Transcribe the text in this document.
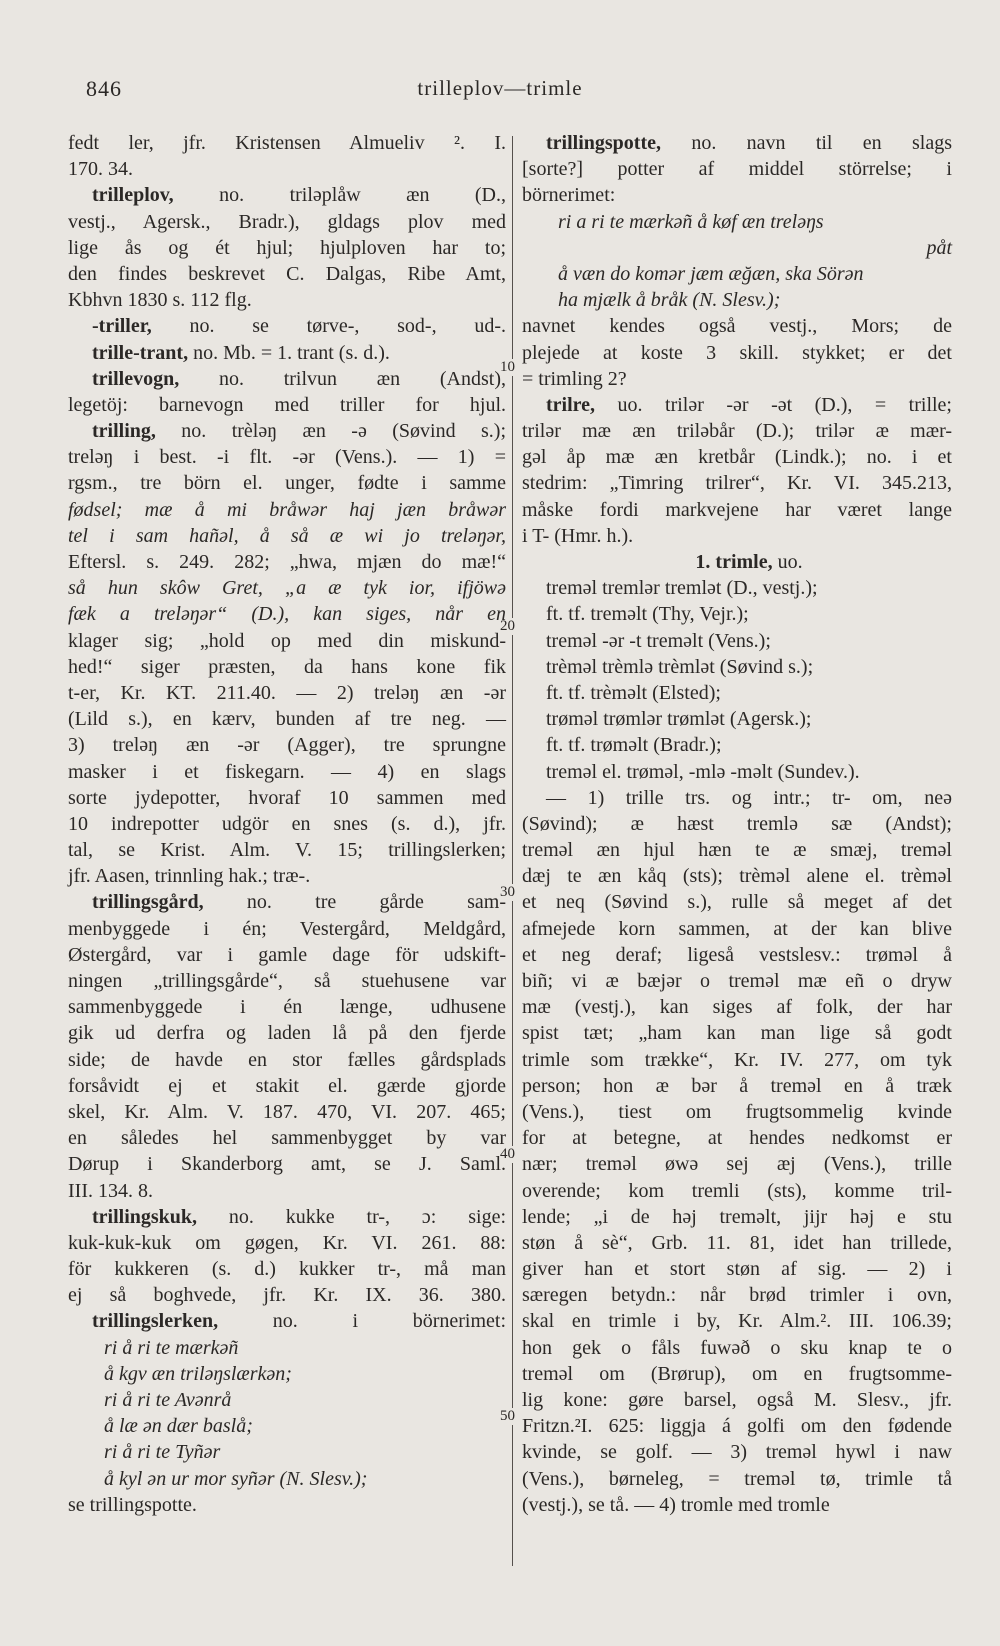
846	trilleplov—trimle
10
20
30
40
50
fedt ler, jfr. Kristensen Almueliv ². I.
170. 34.
trilleplov, no. triləplåw æn (D.,
vestj., Agersk., Bradr.), gldags plov med
lige ås og ét hjul; hjulploven har to;
den findes beskrevet C. Dalgas, Ribe Amt,
Kbhvn 1830 s. 112 flg.
-triller, no. se tørve-, sod-, ud-.
trille-trant, no. Mb. = 1. trant (s. d.).
trillevogn, no. trilvun æn (Andst),
legetöj: barnevogn med triller for hjul.
trilling, no. trèləŋ æn -ə (Søvind s.);
treləŋ i best. -i flt. -ər (Vens.). — 1) =
rgsm., tre börn el. unger, fødte i samme
fødsel; mæ å mi bråwər haj jæn bråwər
tel i sam hañəl, å så æ wi jo treləŋər,
Eftersl. s. 249. 282; „hwa, mjæn do mæ!“
så hun skôw Gret, „a æ tyk ior, ifjöwə
fæk a treləŋər“ (D.), kan siges, når en
klager sig; „hold op med din miskund-
hed!“ siger præsten, da hans kone fik
t-er, Kr. KT. 211.40. — 2) treləŋ æn -ər
(Lild s.), en kærv, bunden af tre neg. —
3) treləŋ æn -ər (Agger), tre sprungne
masker i et fiskegarn. — 4) en slags
sorte jydepotter, hvoraf 10 sammen med
10 indrepotter udgör en snes (s. d.), jfr.
tal, se Krist. Alm. V. 15; trillingslerken;
jfr. Aasen, trinnling hak.; træ-.
trillingsgård, no. tre gårde sam-
menbyggede i én; Vestergård, Meldgård,
Østergård, var i gamle dage för udskift-
ningen „trillingsgårde“, så stuehusene var
sammenbyggede i én længe, udhusene
gik ud derfra og laden lå på den fjerde
side; de havde en stor fælles gårdsplads
forsåvidt ej et stakit el. gærde gjorde
skel, Kr. Alm. V. 187. 470, VI. 207. 465;
en således hel sammenbygget by var
Dørup i Skanderborg amt, se J. Saml.
III. 134. 8.
trillingskuk, no. kukke tr-, ɔ: sige:
kuk-kuk-kuk om gøgen, Kr. VI. 261. 88:
för kukkeren (s. d.) kukker tr-, må man
ej så boghvede, jfr. Kr. IX. 36. 380.
trillingslerken, no. i börnerimet:
ri å ri te mærkəñ
å kgv æn triləŋslærkən;
ri å ri te Avənrå
å læ ən dær baslå;
ri å ri te Tyñər
å kyl ən ur mor syñər (N. Slesv.);
se trillingspotte.
trillingspotte, no. navn til en slags
[sorte?] potter af middel störrelse; i
börnerimet:
ri a ri te mærkəñ å køf æn treləŋs
påt
å væn do komər jæm æğæn, ska Sörən
ha mjælk å bråk (N. Slesv.);
navnet kendes også vestj., Mors; de
plejede at koste 3 skill. stykket; er det
= trimling 2?
trilre, uo. trilər -ər -ət (D.), = trille;
trilər mæ æn triləbår (D.); trilər æ mær-
gəl åp mæ æn kretbår (Lindk.); no. i et
stedrim: „Timring trilrer“, Kr. VI. 345.213,
måske fordi markvejene har været lange
i T- (Hmr. h.).
1. trimle, uo.
treməl tremlər tremlət (D., vestj.);
ft. tf. treməlt (Thy, Vejr.);
treməl -ər -t treməlt (Vens.);
trèməl trèmlə trèmlət (Søvind s.);
ft. tf. trèməlt (Elsted);
trøməl trømlər trømlət (Agersk.);
ft. tf. trøməlt (Bradr.);
treməl el. trøməl, -mlə -məlt (Sundev.).
— 1) trille trs. og intr.; tr- om, neə
(Søvind); æ hæst tremlə sæ (Andst);
treməl æn hjul hæn te æ smæj, treməl
dæj te æn kåq (sts); trèməl alene el. trèməl
et neq (Søvind s.), rulle så meget af det
afmejede korn sammen, at der kan blive
et neg deraf; ligeså vestslesv.: trøməl å
biñ; vi æ bæjər o treməl mæ eñ o dryw
mæ (vestj.), kan siges af folk, der har
spist tæt; „ham kan man lige så godt
trimle som trække“, Kr. IV. 277, om tyk
person; hon æ bər å treməl en å træk
(Vens.), tiest om frugtsommelig kvinde
for at betegne, at hendes nedkomst er
nær; treməl øwə sej æj (Vens.), trille
overende; kom tremli (sts), komme tril-
lende; „i de həj treməlt, jijr həj e stu
støn å sè“, Grb. 11. 81, idet han trillede,
giver han et stort støn af sig. — 2) i
særegen betydn.: når brød trimler i ovn,
skal en trimle i by, Kr. Alm.². III. 106.39;
hon gek o fåls fuwəð o sku knap te o
treməl om (Brørup), om en frugtsomme-
lig kone: gøre barsel, også M. Slesv., jfr.
Fritzn.²I. 625: liggja á golfi om den fødende
kvinde, se golf. — 3) treməl hywl i naw
(Vens.), børneleg, = treməl tø, trimle tå
(vestj.), se tå. — 4) tromle med tromle
